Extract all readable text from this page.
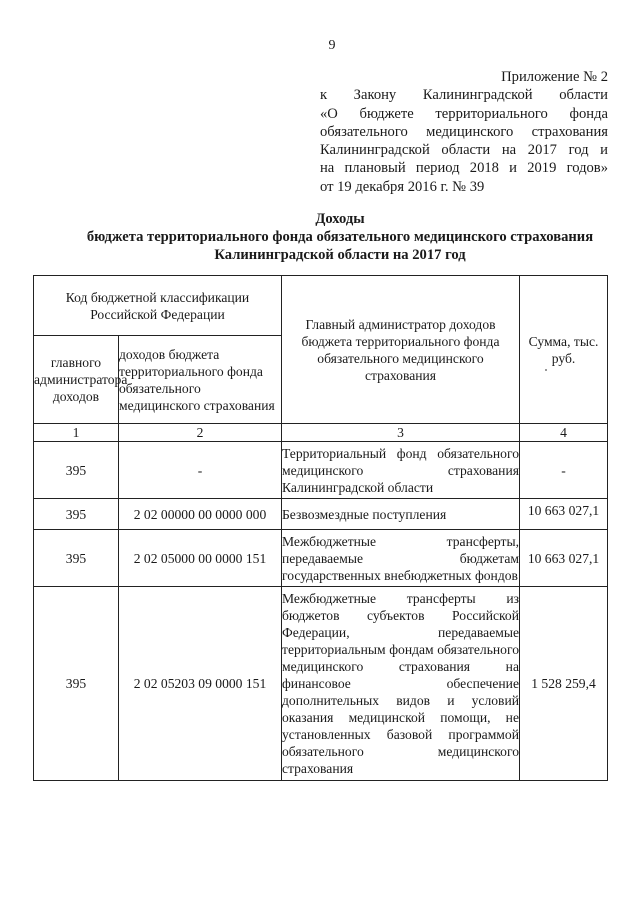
9
Приложение № 2
к Закону Калининградской области
«О бюджете территориального фонда
обязательного медицинского страхования
Калининградской области на 2017 год и
на плановый период 2018 и 2019 годов»
от 19 декабря 2016 г. № 39
Доходы
бюджета территориального фонда обязательного медицинского страхования
Калининградской области на 2017 год
Код бюджетной классификации Российской Федерации		Главный администратор доходов бюджета территориального фонда обязательного медицинского страхования	Сумма, тыс. руб.
главного администратора доходов	доходов бюджета территориального фонда обязательного медицинского страхования		
1	2	3	4
395	-	Территориальный фонд обязательного медицинского страхования Калининградской области	-
395	2 02 00000 00 0000 000	Безвозмездные поступления	10 663 027,1
395	2 02 05000 00 0000 151	Межбюджетные трансферты, передаваемые бюджетам государственных внебюджетных фондов	10 663 027,1
395	2 02 05203 09 0000 151	Межбюджетные трансферты из бюджетов субъектов Российской Федерации, передаваемые территориальным фондам обязательного медицинского страхования на финансовое обеспечение дополнительных видов и условий оказания медицинской помощи, не установленных базовой программой обязательного медицинского страхования	1 528 259,4
